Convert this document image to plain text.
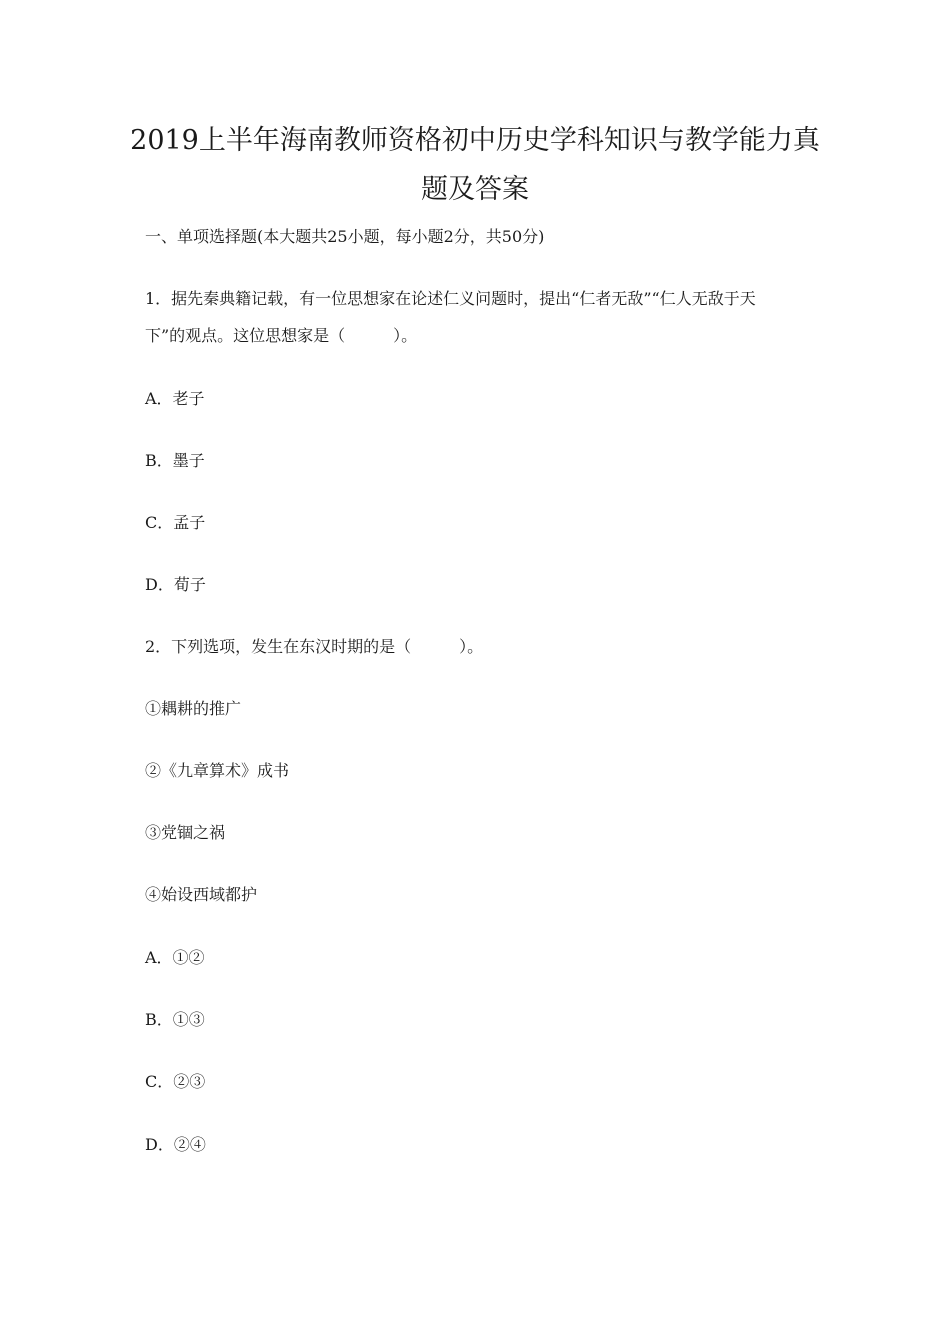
2019上半年海南教师资格初中历史学科知识与教学能力真
题及答案
一、单项选择题(本大题共25小题，每小题2分，共50分)
1．据先秦典籍记载，有一位思想家在论述仁义问题时，提出“仁者无敌”“仁人无敌于天
下”的观点。这位思想家是（　　　）。
A．老子
B．墨子
C．孟子
D．荀子
2．下列选项，发生在东汉时期的是（　　　）。
①耦耕的推广
②《九章算术》成书
③党锢之祸
④始设西域都护
A．①②
B．①③
C．②③
D．②④
